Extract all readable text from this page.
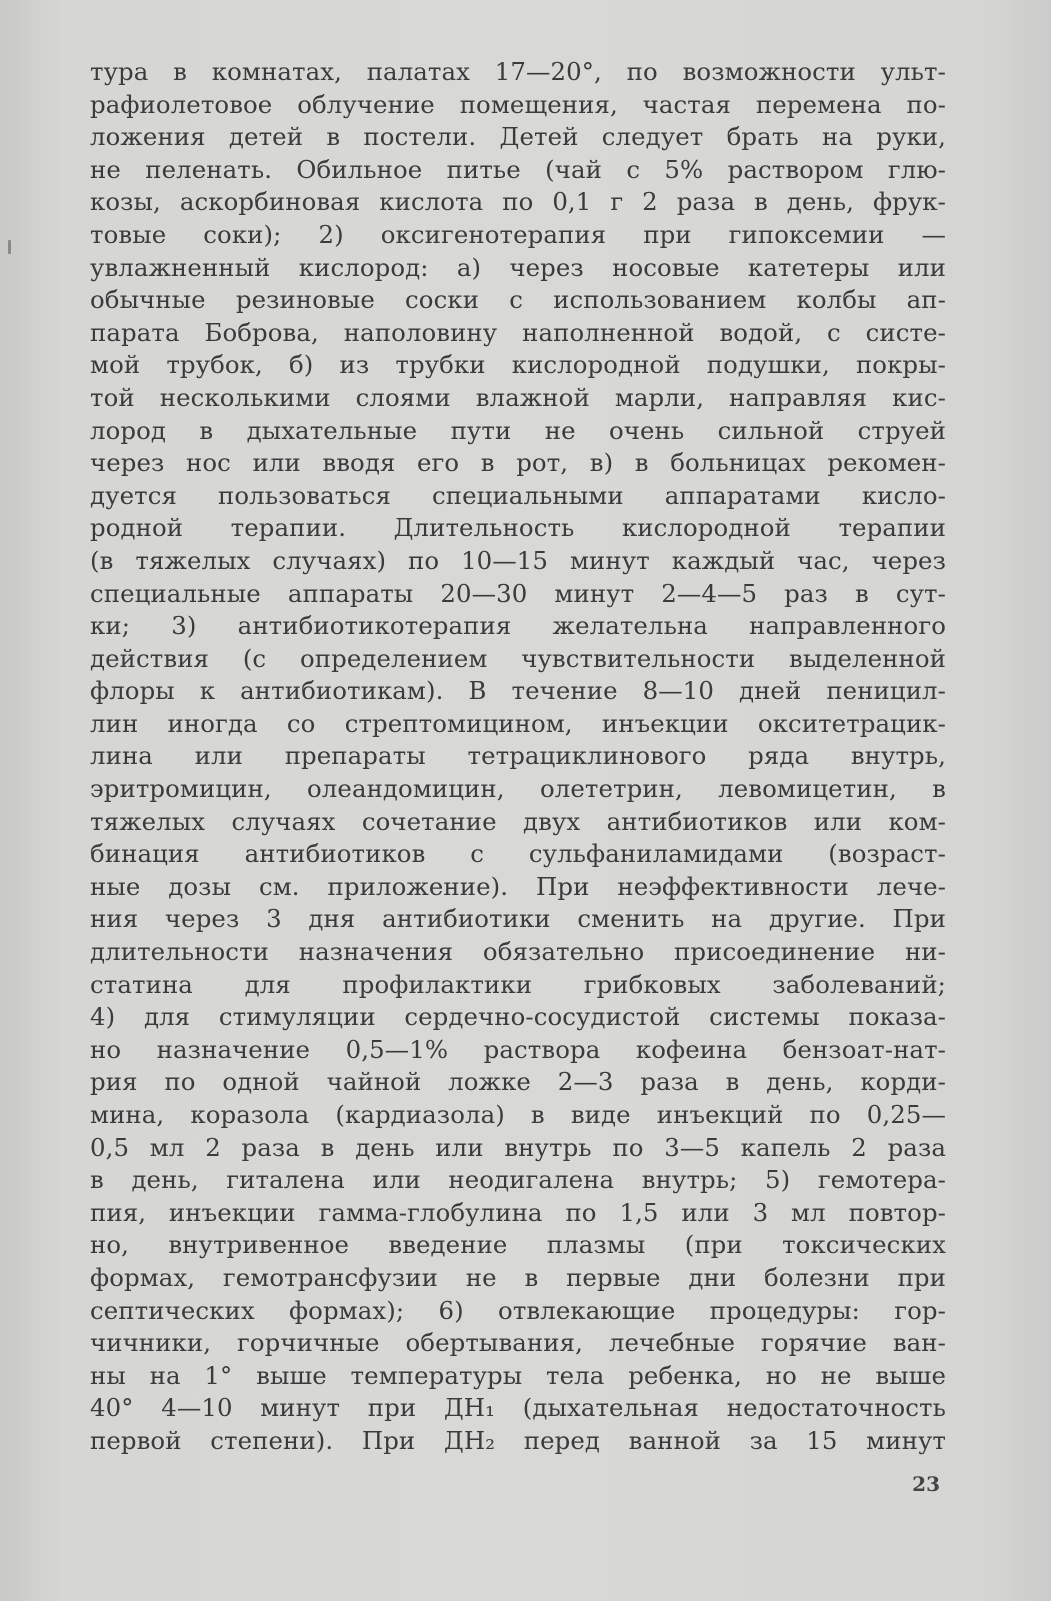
тура в комнатах, палатах 17—20°, по возможности ульт-
рафиолетовое облучение помещения, частая перемена по-
ложения детей в постели. Детей следует брать на руки,
не пеленать. Обильное питье (чай с 5% раствором глю-
козы, аскорбиновая кислота по 0,1 г 2 раза в день, фрук-
товые соки); 2) оксигенотерапия при гипоксемии —
увлажненный кислород: а) через носовые катетеры или
обычные резиновые соски с использованием колбы ап-
парата Боброва, наполовину наполненной водой, с систе-
мой трубок, б) из трубки кислородной подушки, покры-
той несколькими слоями влажной марли, направляя кис-
лород в дыхательные пути не очень сильной струей
через нос или вводя его в рот, в) в больницах рекомен-
дуется пользоваться специальными аппаратами кисло-
родной терапии. Длительность кислородной терапии
(в тяжелых случаях) по 10—15 минут каждый час, через
специальные аппараты 20—30 минут 2—4—5 раз в сут-
ки; 3) антибиотикотерапия желательна направленного
действия (с определением чувствительности выделенной
флоры к антибиотикам). В течение 8—10 дней пеницил-
лин иногда со стрептомицином, инъекции окситетрацик-
лина или препараты тетрациклинового ряда внутрь,
эритромицин, олеандомицин, олететрин, левомицетин, в
тяжелых случаях сочетание двух антибиотиков или ком-
бинация антибиотиков с сульфаниламидами (возраст-
ные дозы см. приложение). При неэффективности лече-
ния через 3 дня антибиотики сменить на другие. При
длительности назначения обязательно присоединение ни-
статина для профилактики грибковых заболеваний;
4) для стимуляции сердечно-сосудистой системы показа-
но назначение 0,5—1% раствора кофеина бензоат-нат-
рия по одной чайной ложке 2—3 раза в день, корди-
мина, коразола (кардиазола) в виде инъекций по 0,25—
0,5 мл 2 раза в день или внутрь по 3—5 капель 2 раза
в день, гиталена или неодигалена внутрь; 5) гемотера-
пия, инъекции гамма-глобулина по 1,5 или 3 мл повтор-
но, внутривенное введение плазмы (при токсических
формах, гемотрансфузии не в первые дни болезни при
септических формах); 6) отвлекающие процедуры: гор-
чичники, горчичные обертывания, лечебные горячие ван-
ны на 1° выше температуры тела ребенка, но не выше
40° 4—10 минут при ДН₁ (дыхательная недостаточность
первой степени). При ДН₂ перед ванной за 15 минут
23
